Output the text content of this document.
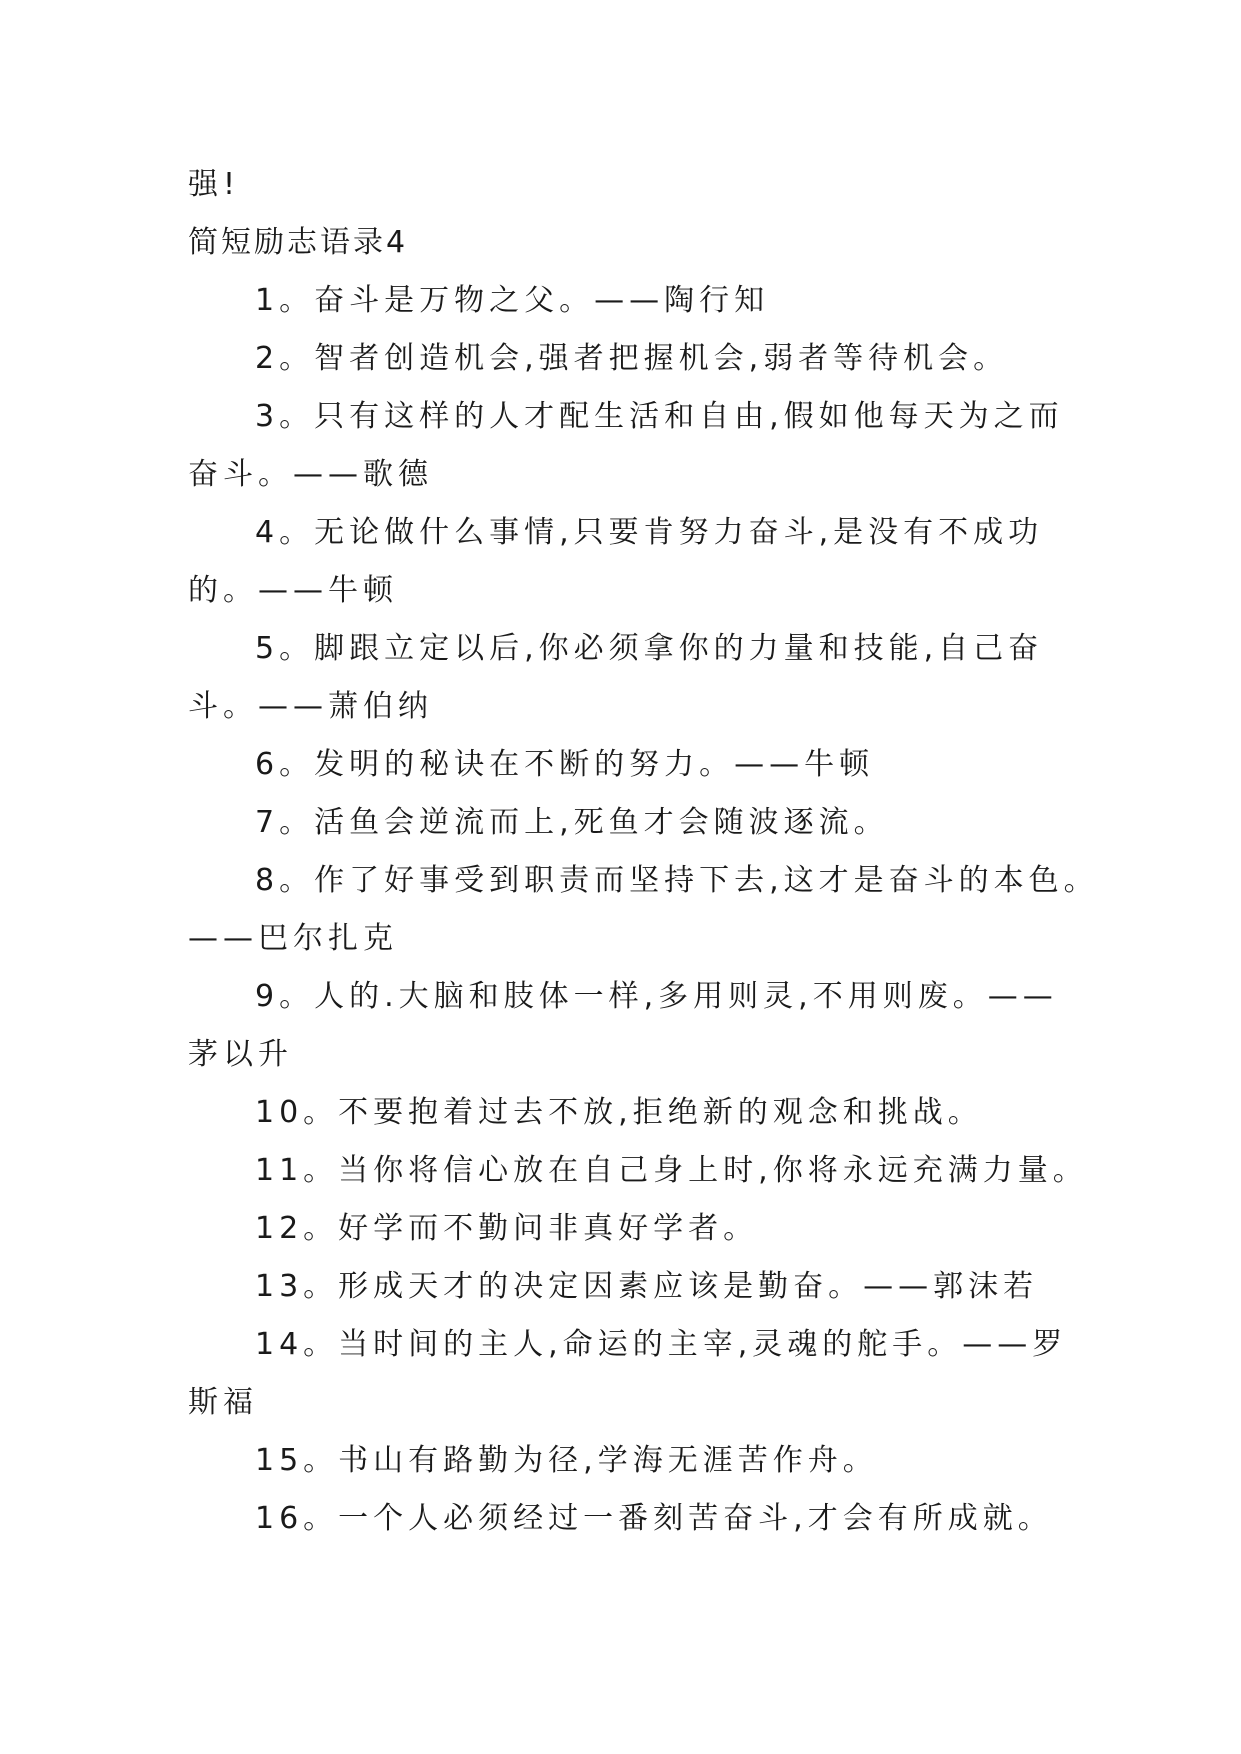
强!
简短励志语录4
1。奋斗是万物之父。——陶行知
2。智者创造机会,强者把握机会,弱者等待机会。
3。只有这样的人才配生活和自由,假如他每天为之而
奋斗。——歌德
4。无论做什么事情,只要肯努力奋斗,是没有不成功
的。——牛顿
5。脚跟立定以后,你必须拿你的力量和技能,自己奋
斗。——萧伯纳
6。发明的秘诀在不断的努力。——牛顿
7。活鱼会逆流而上,死鱼才会随波逐流。
8。作了好事受到职责而坚持下去,这才是奋斗的本色。
——巴尔扎克
9。人的.大脑和肢体一样,多用则灵,不用则废。——
茅以升
10。不要抱着过去不放,拒绝新的观念和挑战。
11。当你将信心放在自己身上时,你将永远充满力量。
12。好学而不勤问非真好学者。
13。形成天才的决定因素应该是勤奋。——郭沫若
14。当时间的主人,命运的主宰,灵魂的舵手。——罗
斯福
15。书山有路勤为径,学海无涯苦作舟。
16。一个人必须经过一番刻苦奋斗,才会有所成就。
